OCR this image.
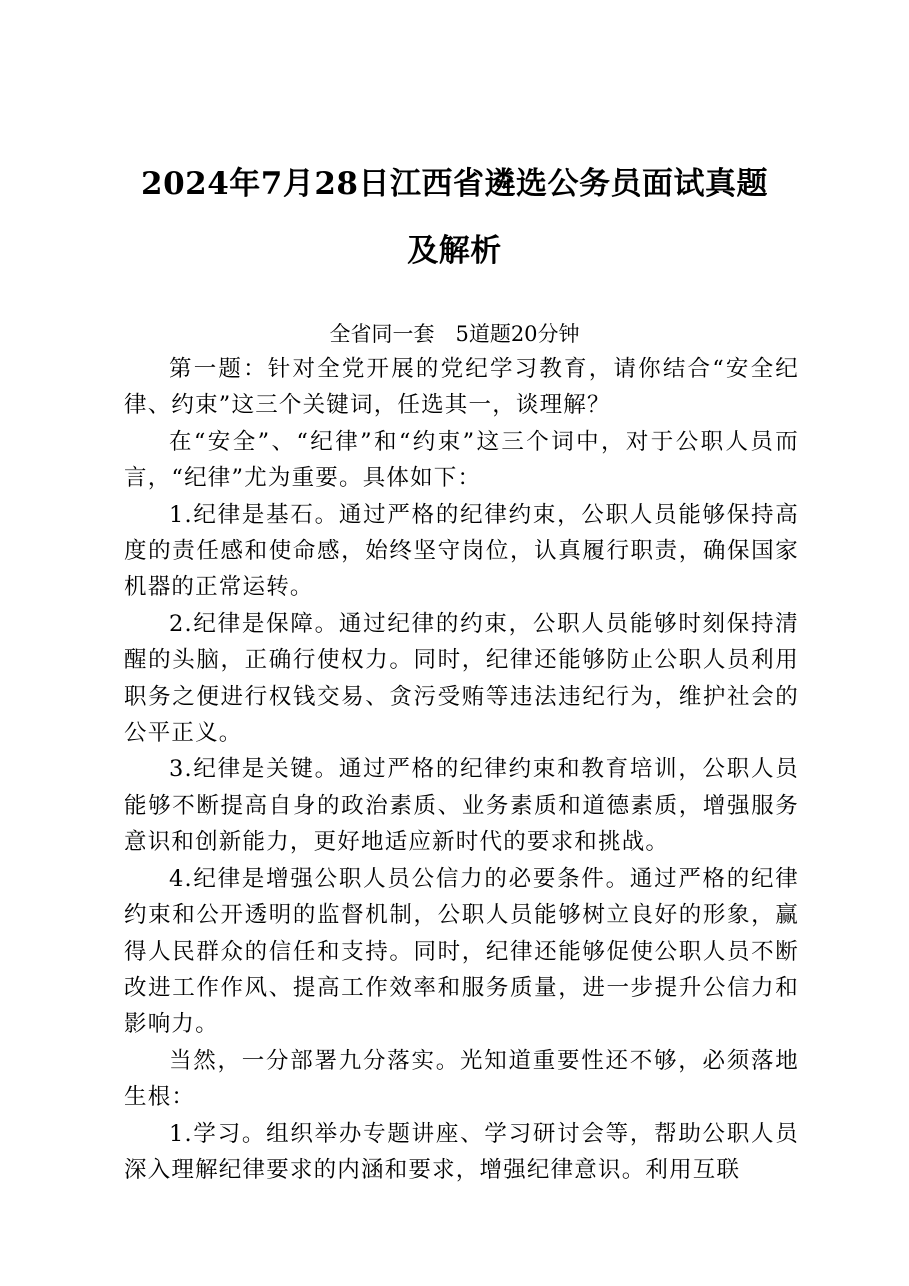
2024年7月28日江西省遴选公务员面试真题
及解析
全省同一套　5道题20分钟

第一题：针对全党开展的党纪学习教育，请你结合“安全纪律、约束”这三个关键词，任选其一，谈理解？

在“安全”、“纪律”和“约束”这三个词中，对于公职人员而言，“纪律”尤为重要。具体如下：

1.纪律是基石。通过严格的纪律约束，公职人员能够保持高度的责任感和使命感，始终坚守岗位，认真履行职责，确保国家机器的正常运转。

2.纪律是保障。通过纪律的约束，公职人员能够时刻保持清醒的头脑，正确行使权力。同时，纪律还能够防止公职人员利用职务之便进行权钱交易、贪污受贿等违法违纪行为，维护社会的公平正义。

3.纪律是关键。通过严格的纪律约束和教育培训，公职人员能够不断提高自身的政治素质、业务素质和道德素质，增强服务意识和创新能力，更好地适应新时代的要求和挑战。

4.纪律是增强公职人员公信力的必要条件。通过严格的纪律约束和公开透明的监督机制，公职人员能够树立良好的形象，赢得人民群众的信任和支持。同时，纪律还能够促使公职人员不断改进工作作风、提高工作效率和服务质量，进一步提升公信力和影响力。

当然，一分部署九分落实。光知道重要性还不够，必须落地生根：

1.学习。组织举办专题讲座、学习研讨会等，帮助公职人员深入理解纪律要求的内涵和要求，增强纪律意识。利用互联
